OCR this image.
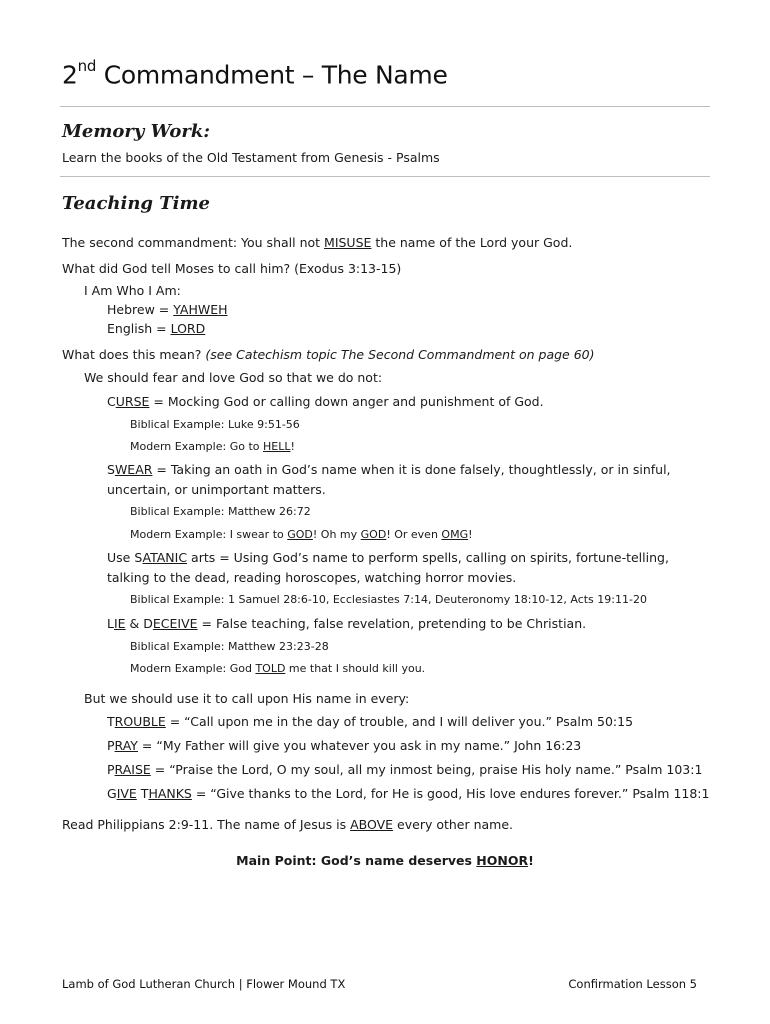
2nd Commandment – The Name
Memory Work:
Learn the books of the Old Testament from Genesis - Psalms
Teaching Time
The second commandment: You shall not MISUSE the name of the Lord your God.
What did God tell Moses to call him? (Exodus 3:13-15)
I Am Who I Am:
Hebrew = YAHWEH
English = LORD
What does this mean? (see Catechism topic The Second Commandment on page 60)
We should fear and love God so that we do not:
CURSE = Mocking God or calling down anger and punishment of God.
Biblical Example: Luke 9:51-56
Modern Example: Go to HELL!
SWEAR = Taking an oath in God’s name when it is done falsely, thoughtlessly, or in sinful,
uncertain, or unimportant matters.
Biblical Example: Matthew 26:72
Modern Example: I swear to GOD! Oh my GOD! Or even OMG!
Use SATANIC arts = Using God’s name to perform spells, calling on spirits, fortune-telling,
talking to the dead, reading horoscopes, watching horror movies.
Biblical Example: 1 Samuel 28:6-10, Ecclesiastes 7:14, Deuteronomy 18:10-12, Acts 19:11-20
LIE & DECEIVE = False teaching, false revelation, pretending to be Christian.
Biblical Example: Matthew 23:23-28
Modern Example: God TOLD me that I should kill you.
But we should use it to call upon His name in every:
TROUBLE = “Call upon me in the day of trouble, and I will deliver you.” Psalm 50:15
PRAY = “My Father will give you whatever you ask in my name.” John 16:23
PRAISE = “Praise the Lord, O my soul, all my inmost being, praise His holy name.” Psalm 103:1
GIVE THANKS = “Give thanks to the Lord, for He is good, His love endures forever.” Psalm 118:1
Read Philippians 2:9-11. The name of Jesus is ABOVE every other name.
Main Point: God’s name deserves HONOR!
Lamb of God Lutheran Church | Flower Mound TX	Confirmation Lesson 5
